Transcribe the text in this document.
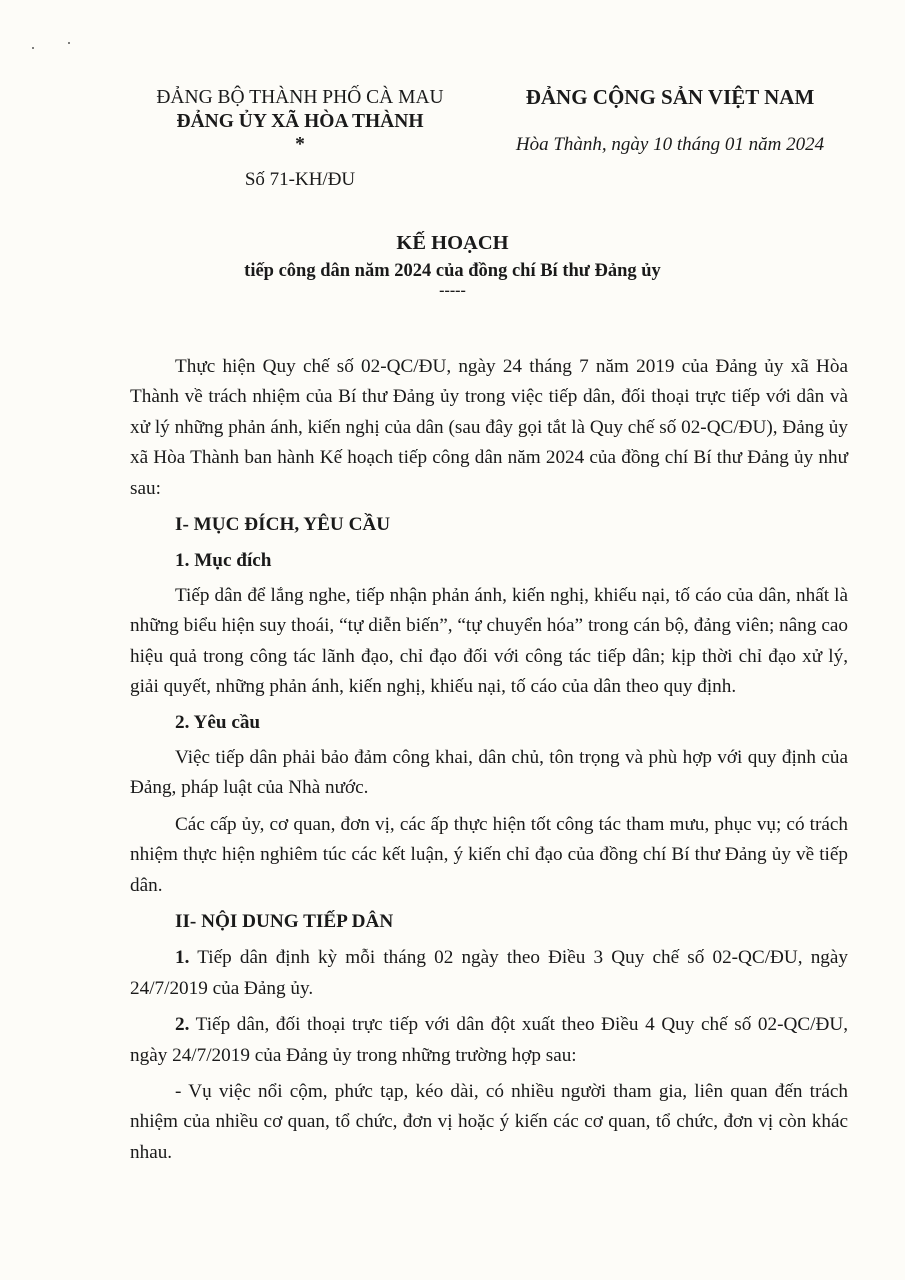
ĐẢNG BỘ THÀNH PHỐ CÀ MAU
ĐẢNG ỦY XÃ HÒA THÀNH
*
Số 71-KH/ĐU
ĐẢNG CỘNG SẢN VIỆT NAM
Hòa Thành, ngày 10 tháng 01 năm 2024
KẾ HOẠCH
tiếp công dân năm 2024 của đồng chí Bí thư Đảng ủy
-----

Thực hiện Quy chế số 02-QC/ĐU, ngày 24 tháng 7 năm 2019 của Đảng ủy xã Hòa Thành về trách nhiệm của Bí thư Đảng ủy trong việc tiếp dân, đối thoại trực tiếp với dân và xử lý những phản ánh, kiến nghị của dân (sau đây gọi tắt là Quy chế số 02-QC/ĐU), Đảng ủy xã Hòa Thành ban hành Kế hoạch tiếp công dân năm 2024 của đồng chí Bí thư Đảng ủy như sau:

I- MỤC ĐÍCH, YÊU CẦU

1. Mục đích

Tiếp dân để lắng nghe, tiếp nhận phản ánh, kiến nghị, khiếu nại, tố cáo của dân, nhất là những biểu hiện suy thoái, “tự diễn biến”, “tự chuyển hóa” trong cán bộ, đảng viên; nâng cao hiệu quả trong công tác lãnh đạo, chỉ đạo đối với công tác tiếp dân; kịp thời chỉ đạo xử lý, giải quyết, những phản ánh, kiến nghị, khiếu nại, tố cáo của dân theo quy định.

2. Yêu cầu

Việc tiếp dân phải bảo đảm công khai, dân chủ, tôn trọng và phù hợp với quy định của Đảng, pháp luật của Nhà nước.

Các cấp ủy, cơ quan, đơn vị, các ấp thực hiện tốt công tác tham mưu, phục vụ; có trách nhiệm thực hiện nghiêm túc các kết luận, ý kiến chỉ đạo của đồng chí Bí thư Đảng ủy về tiếp dân.

II- NỘI DUNG TIẾP DÂN

1. Tiếp dân định kỳ mỗi tháng 02 ngày theo Điều 3 Quy chế số 02-QC/ĐU, ngày 24/7/2019 của Đảng ủy.

2. Tiếp dân, đối thoại trực tiếp với dân đột xuất theo Điều 4 Quy chế số 02-QC/ĐU, ngày 24/7/2019 của Đảng ủy trong những trường hợp sau:

- Vụ việc nổi cộm, phức tạp, kéo dài, có nhiều người tham gia, liên quan đến trách nhiệm của nhiều cơ quan, tổ chức, đơn vị hoặc ý kiến các cơ quan, tổ chức, đơn vị còn khác nhau.
